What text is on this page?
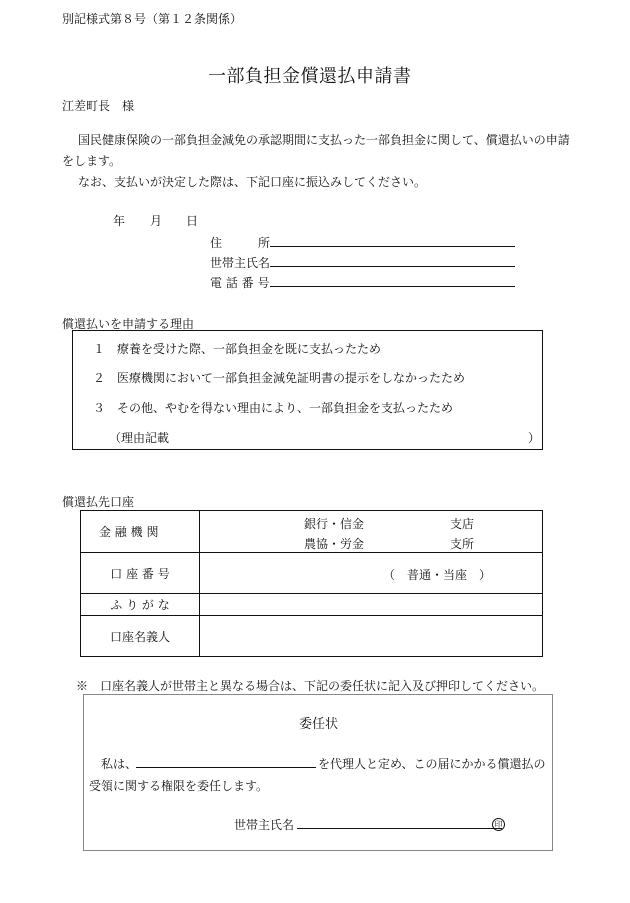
別記様式第８号（第１２条関係）
一部負担金償還払申請書
江差町長　様
国民健康保険の一部負担金減免の承認期間に支払った一部負担金に関して、償還払いの申請
をします。
なお、支払いが決定した際は、下記口座に振込みしてください。
年 月 日
住　　　所
世帯主氏名
電 話 番 号
償還払いを申請する理由
１　療養を受けた際、一部負担金を既に支払ったため
２　医療機関において一部負担金減免証明書の提示をしなかったため
３　その他、やむを得ない理由により、一部負担金を支払ったため
（理由記載	）
償還払先口座
金 融 機 関	銀行・信金 支店
農協・労金 支所

口 座 番 号	（　普通・当座　）

ふ り が な	
口座名義人	
※　口座名義人が世帯主と異なる場合は、下記の委任状に記入及び押印してください。
委任状
私は、	を代理人と定め、この届にかかる償還払の
受領に関する権限を委任します。
世帯主氏名	印
